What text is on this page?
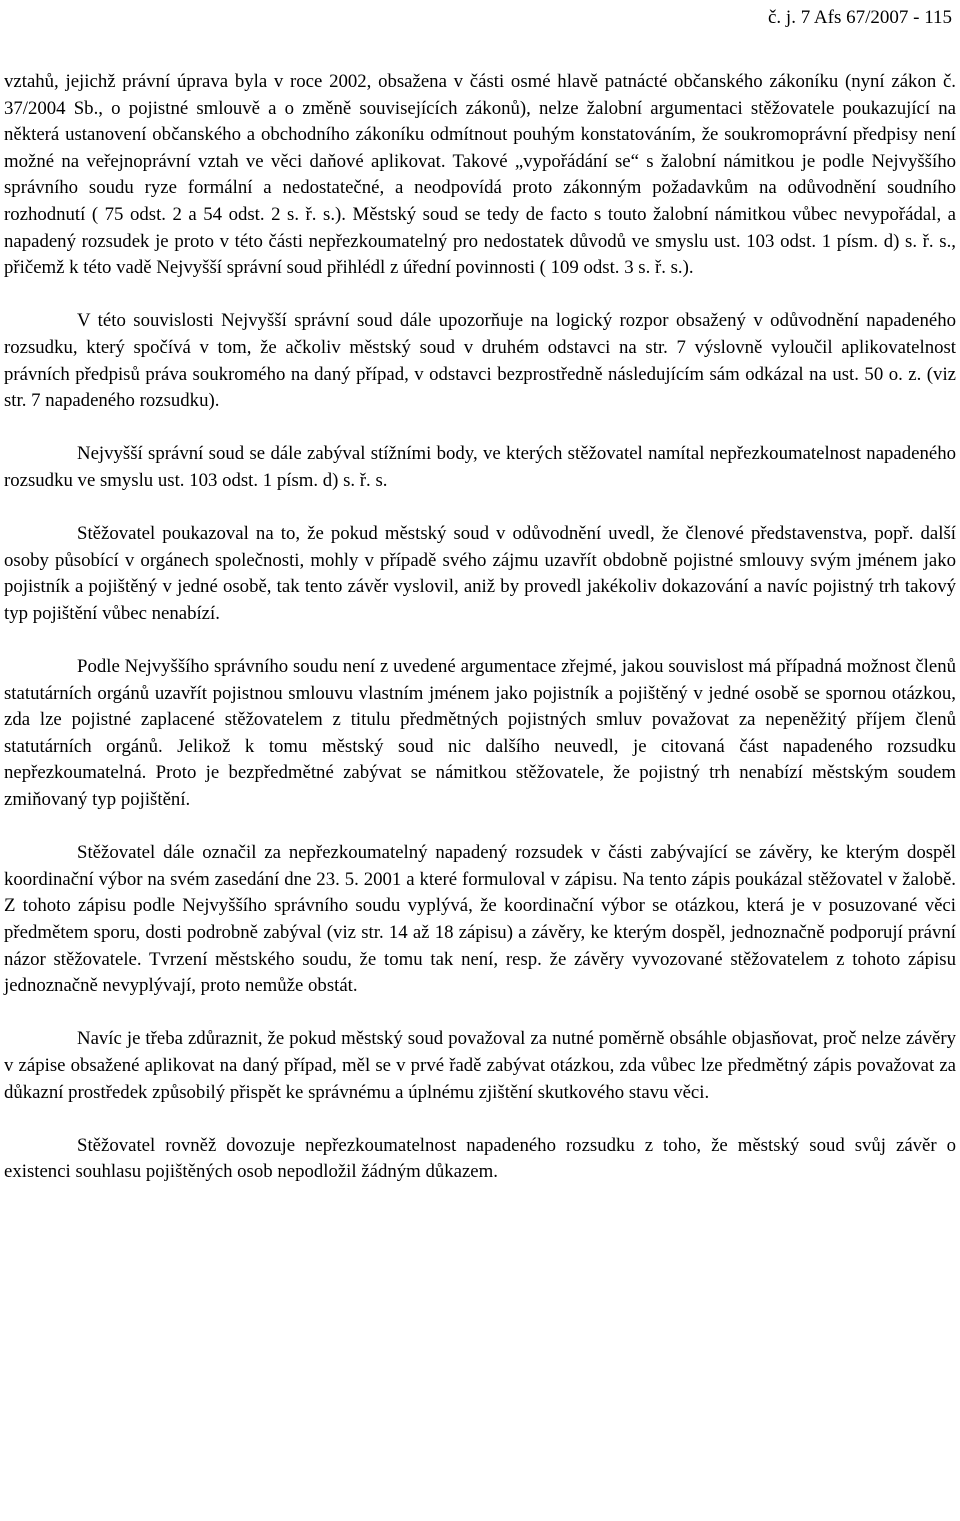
č. j. 7 Afs 67/2007 - 115

vztahů, jejichž právní úprava byla v roce 2002, obsažena v části osmé hlavě patnácté občanského zákoníku (nyní zákon č. 37/2004 Sb., o pojistné smlouvě a o změně souvisejících zákonů), nelze žalobní argumentaci stěžovatele poukazující na některá ustanovení občanského a obchodního zákoníku odmítnout pouhým konstatováním, že soukromoprávní předpisy není možné na veřejnoprávní vztah ve věci daňové aplikovat. Takové „vypořádání se“ s žalobní námitkou je podle Nejvyššího správního soudu ryze formální a nedostatečné, a neodpovídá proto zákonným požadavkům na odůvodnění soudního rozhodnutí ( 75 odst. 2 a 54 odst. 2 s. ř. s.). Městský soud se tedy de facto s touto žalobní námitkou vůbec nevypořádal, a napadený rozsudek je proto v této části nepřezkoumatelný pro nedostatek důvodů ve smyslu ust. 103 odst. 1 písm. d) s. ř. s., přičemž k této vadě Nejvyšší správní soud přihlédl z úřední povinnosti ( 109 odst. 3 s. ř. s.).

V této souvislosti Nejvyšší správní soud dále upozorňuje na logický rozpor obsažený v odůvodnění napadeného rozsudku, který spočívá v tom, že ačkoliv městský soud v druhém odstavci na str. 7 výslovně vyloučil aplikovatelnost právních předpisů práva soukromého na daný případ, v odstavci bezprostředně následujícím sám odkázal na ust. 50 o. z. (viz str. 7 napadeného rozsudku).

Nejvyšší správní soud se dále zabýval stížními body, ve kterých stěžovatel namítal nepřezkoumatelnost napadeného rozsudku ve smyslu ust. 103 odst. 1 písm. d) s. ř. s.

Stěžovatel poukazoval na to, že pokud městský soud v odůvodnění uvedl, že členové představenstva, popř. další osoby působící v orgánech společnosti, mohly v případě svého zájmu uzavřít obdobně pojistné smlouvy svým jménem jako pojistník a pojištěný v jedné osobě, tak tento závěr vyslovil, aniž by provedl jakékoliv dokazování a navíc pojistný trh takový typ pojištění vůbec nenabízí.

Podle Nejvyššího správního soudu není z uvedené argumentace zřejmé, jakou souvislost má případná možnost členů statutárních orgánů uzavřít pojistnou smlouvu vlastním jménem jako pojistník a pojištěný v jedné osobě se spornou otázkou, zda lze pojistné zaplacené stěžovatelem z titulu předmětných pojistných smluv považovat za nepeněžitý příjem členů statutárních orgánů. Jelikož k tomu městský soud nic dalšího neuvedl, je citovaná část napadeného rozsudku nepřezkoumatelná. Proto je bezpředmětné zabývat se námitkou stěžovatele, že pojistný trh nenabízí městským soudem zmiňovaný typ pojištění.

Stěžovatel dále označil za nepřezkoumatelný napadený rozsudek v části zabývající se závěry, ke kterým dospěl koordinační výbor na svém zasedání dne 23. 5. 2001 a které formuloval v zápisu. Na tento zápis poukázal stěžovatel v žalobě. Z tohoto zápisu podle Nejvyššího správního soudu vyplývá, že koordinační výbor se otázkou, která je v posuzované věci předmětem sporu, dosti podrobně zabýval (viz str. 14 až 18 zápisu) a závěry, ke kterým dospěl, jednoznačně podporují právní názor stěžovatele. Tvrzení městského soudu, že tomu tak není, resp. že závěry vyvozované stěžovatelem z tohoto zápisu jednoznačně nevyplývají, proto nemůže obstát.

Navíc je třeba zdůraznit, že pokud městský soud považoval za nutné poměrně obsáhle objasňovat, proč nelze závěry v zápise obsažené aplikovat na daný případ, měl se v prvé řadě zabývat otázkou, zda vůbec lze předmětný zápis považovat za důkazní prostředek způsobilý přispět ke správnému a úplnému zjištění skutkového stavu věci.

Stěžovatel rovněž dovozuje nepřezkoumatelnost napadeného rozsudku z toho, že městský soud svůj závěr o existenci souhlasu pojištěných osob nepodložil žádným důkazem.
